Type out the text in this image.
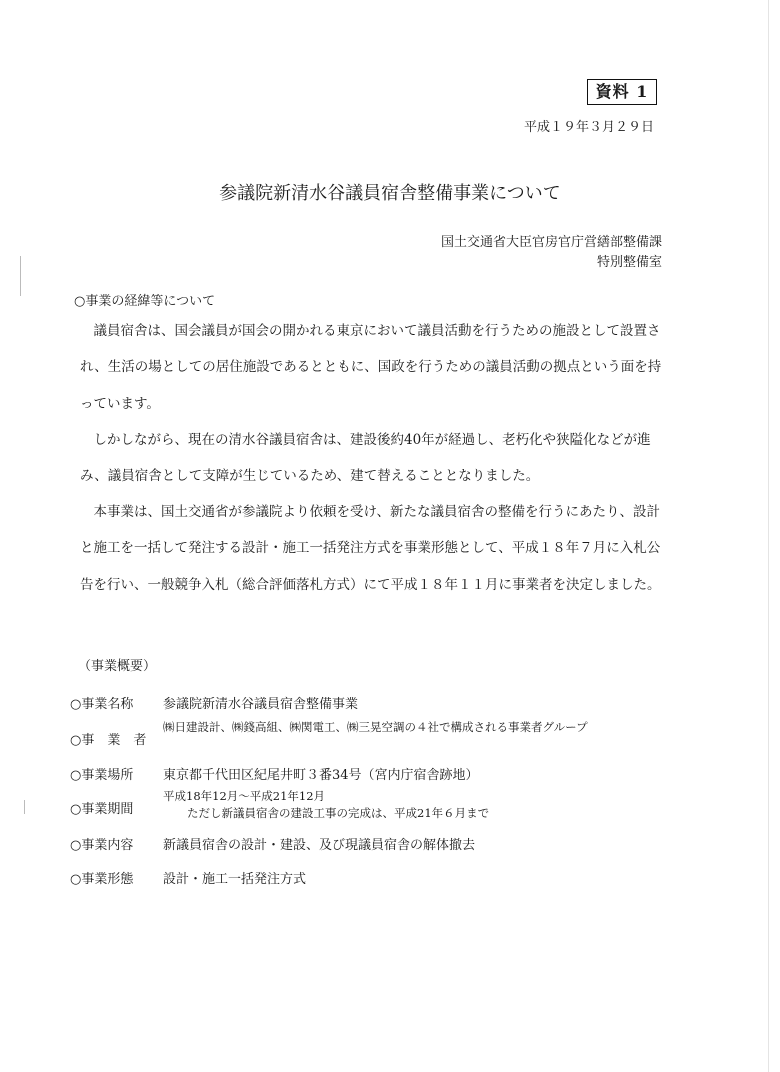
資料 1
平成１９年３月２９日
参議院新清水谷議員宿舎整備事業について
国土交通省大臣官房官庁営繕部整備課
特別整備室
○事業の経緯等について
　議員宿舎は、国会議員が国会の開かれる東京において議員活動を行うための施設として設置され、生活の場としての居住施設であるとともに、国政を行うための議員活動の拠点という面を持っています。
　しかしながら、現在の清水谷議員宿舎は、建設後約40年が経過し、老朽化や狭隘化などが進み、議員宿舎として支障が生じているため、建て替えることとなりました。
　本事業は、国土交通省が参議院より依頼を受け、新たな議員宿舎の整備を行うにあたり、設計と施工を一括して発注する設計・施工一括発注方式を事業形態として、平成１８年７月に入札公告を行い、一般競争入札（総合評価落札方式）にて平成１８年１１月に事業者を決定しました。
（事業概要）
○事業名称 参議院新清水谷議員宿舎整備事業
○事　業　者
㈱日建設計、㈱錢高組、㈱関電工、㈱三晃空調の４社で構成される事業者グループ
○事業場所 東京都千代田区紀尾井町３番34号（宮内庁宿舎跡地）
○事業期間
平成18年12月～平成21年12月
ただし新議員宿舎の建設工事の完成は、平成21年６月まで
○事業内容 新議員宿舎の設計・建設、及び現議員宿舎の解体撤去
○事業形態 設計・施工一括発注方式
